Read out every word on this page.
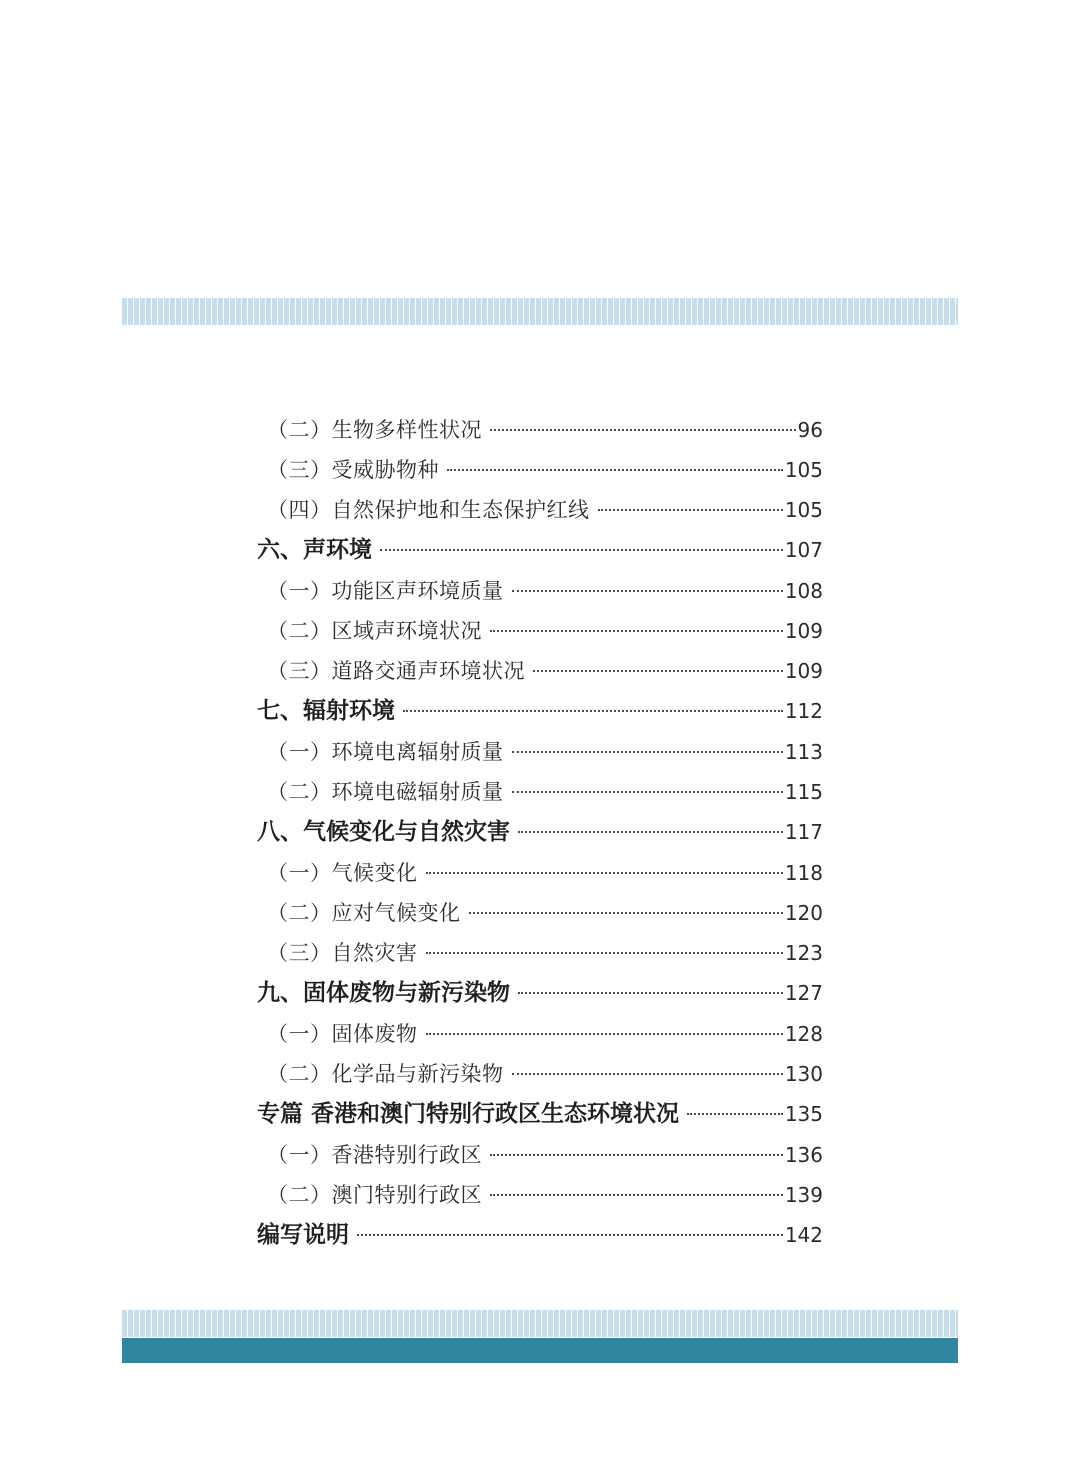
（二）生物多样性状况	96
（三）受威胁物种	105
（四）自然保护地和生态保护红线	105
六、声环境	107
（一）功能区声环境质量	108
（二）区域声环境状况	109
（三）道路交通声环境状况	109
七、辐射环境	112
（一）环境电离辐射质量	113
（二）环境电磁辐射质量	115
八、气候变化与自然灾害	117
（一）气候变化	118
（二）应对气候变化	120
（三）自然灾害	123
九、固体废物与新污染物	127
（一）固体废物	128
（二）化学品与新污染物	130
专篇 香港和澳门特别行政区生态环境状况	135
（一）香港特别行政区	136
（二）澳门特别行政区	139
编写说明	142
